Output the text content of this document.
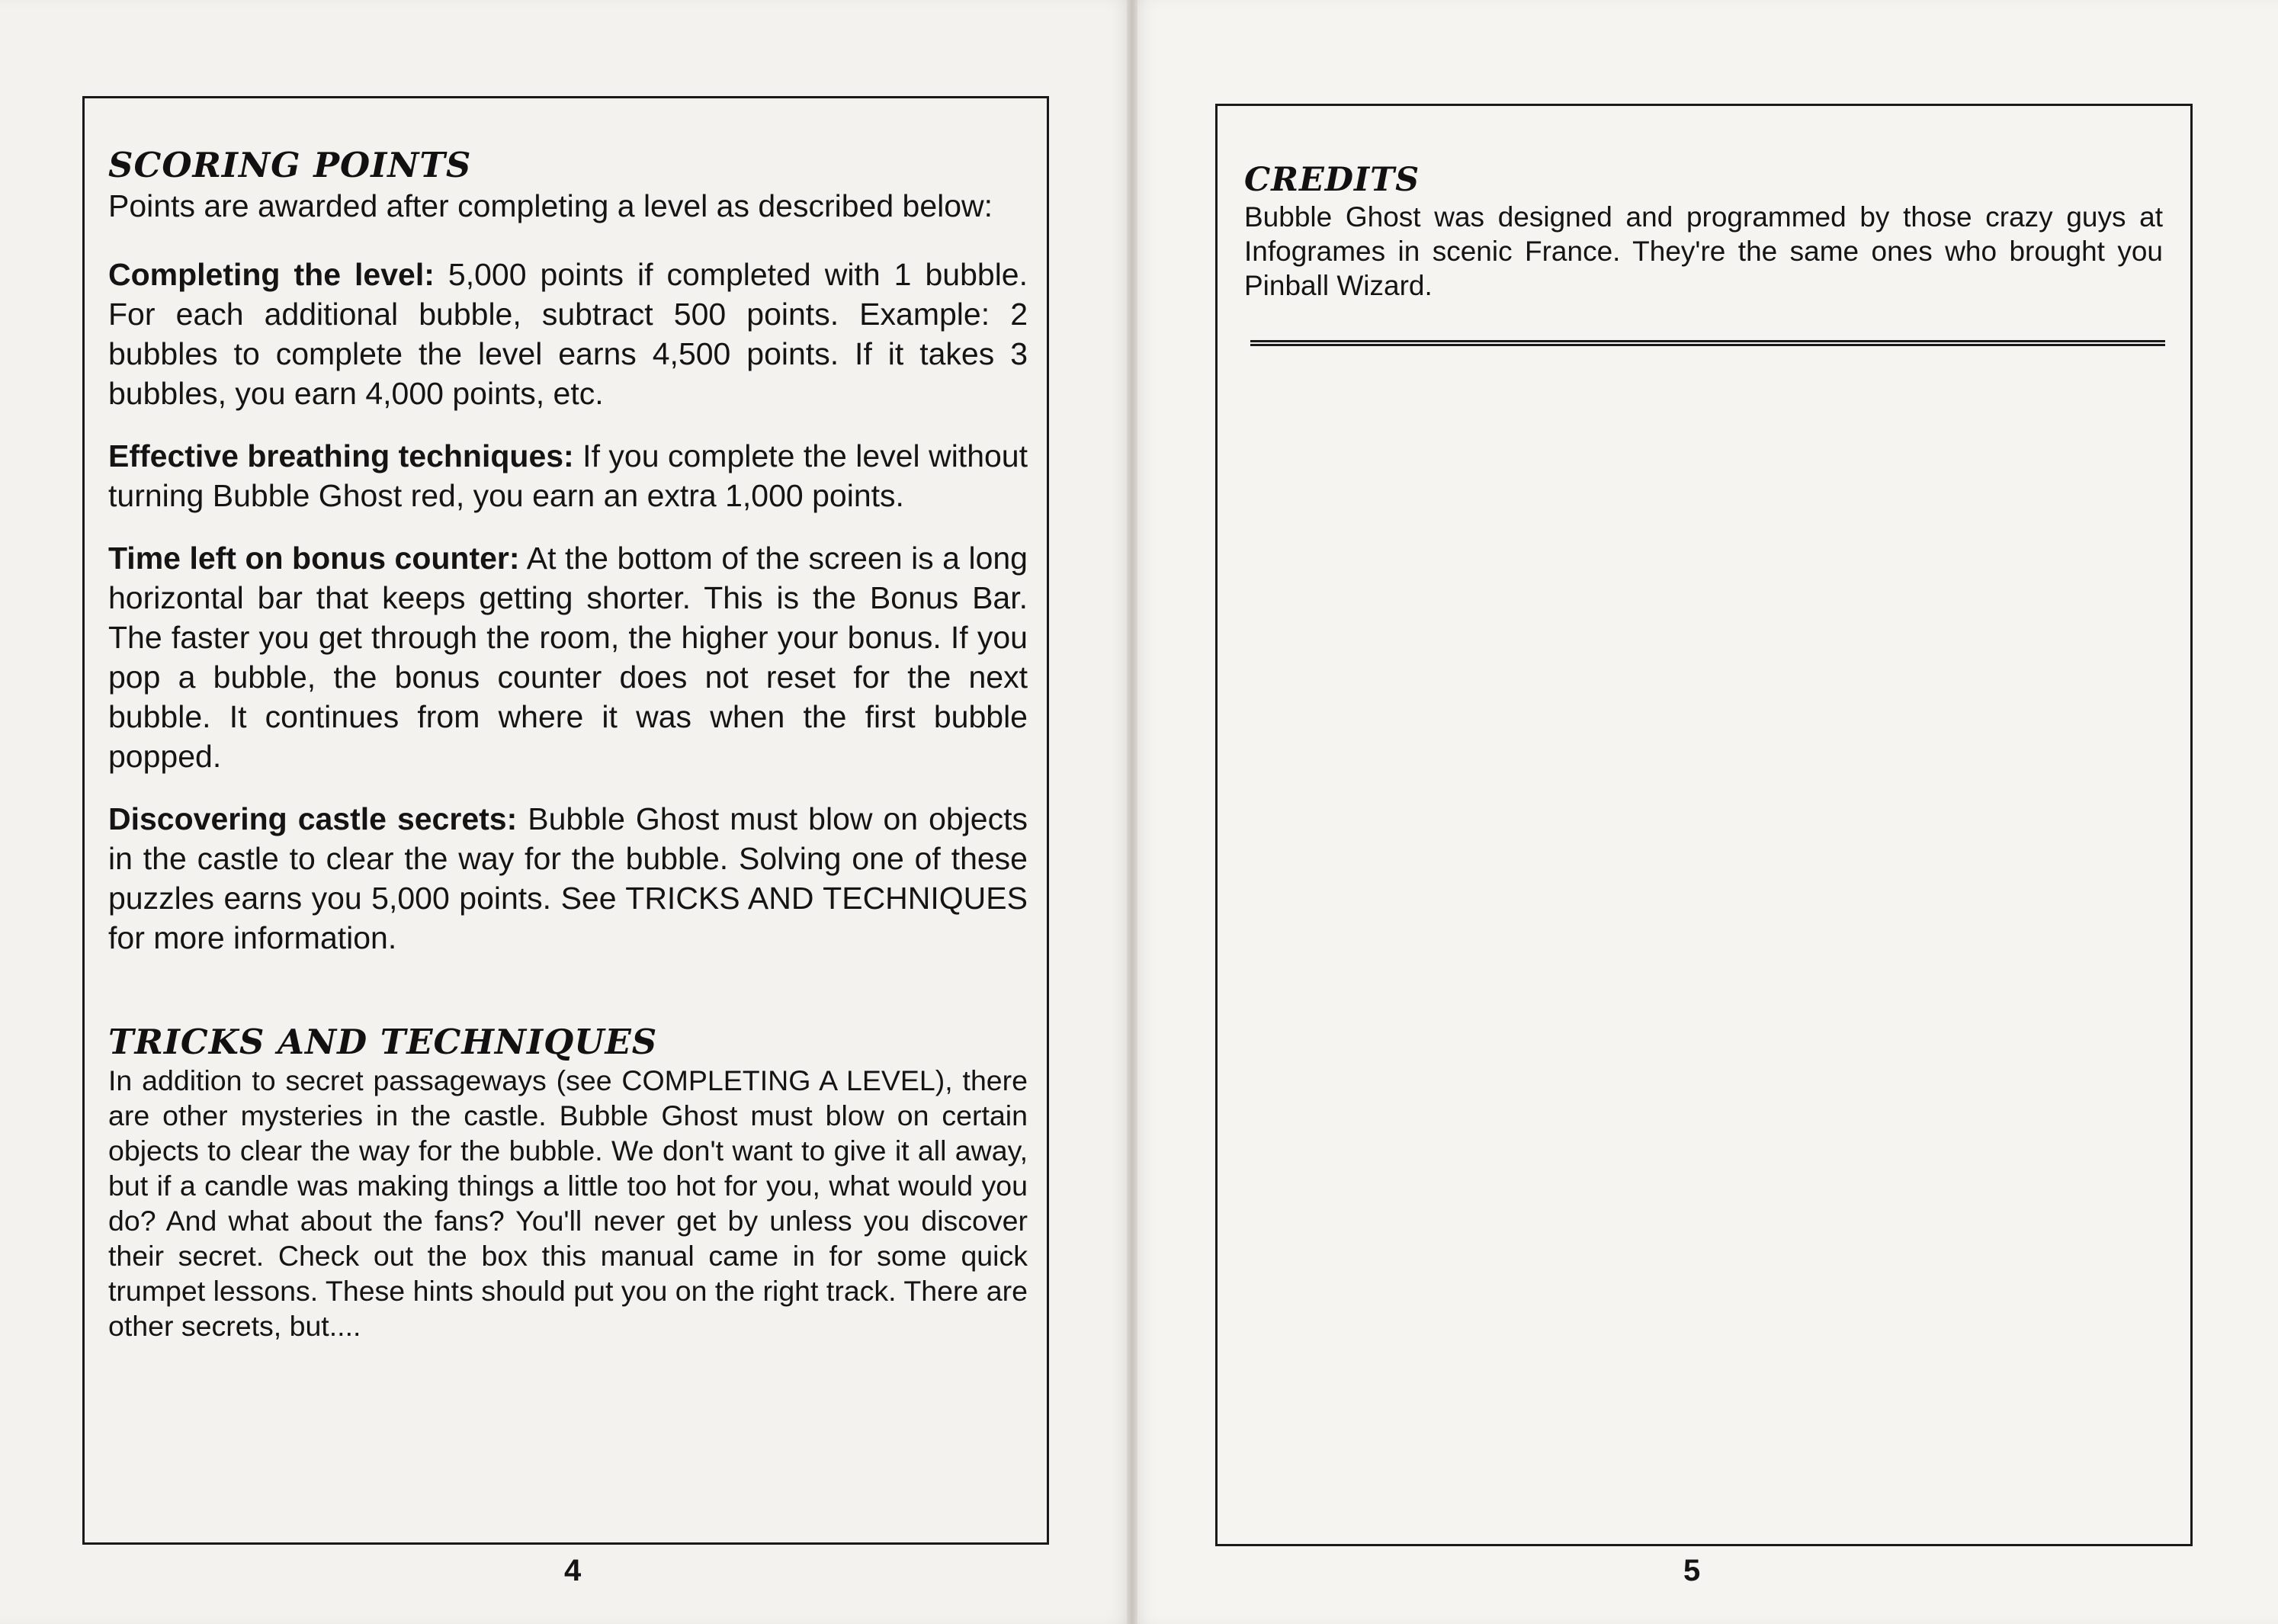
SCORING POINTS

Points are awarded after completing a level as described below:

Completing the level: 5,000 points if completed with 1 bubble. For each additional bubble, subtract 500 points. Example: 2 bubbles to complete the level earns 4,500 points. If it takes 3 bubbles, you earn 4,000 points, etc.

Effective breathing techniques: If you complete the level without turning Bubble Ghost red, you earn an extra 1,000 points.

Time left on bonus counter: At the bottom of the screen is a long horizontal bar that keeps getting shorter. This is the Bonus Bar. The faster you get through the room, the higher your bonus. If you pop a bubble, the bonus counter does not reset for the next bubble. It continues from where it was when the first bubble popped.

Discovering castle secrets: Bubble Ghost must blow on objects in the castle to clear the way for the bubble. Solving one of these puzzles earns you 5,000 points. See TRICKS AND TECHNIQUES for more information.

TRICKS AND TECHNIQUES

In addition to secret passageways (see COMPLETING A LEVEL), there are other mysteries in the castle. Bubble Ghost must blow on certain objects to clear the way for the bubble. We don't want to give it all away, but if a candle was making things a little too hot for you, what would you do? And what about the fans? You'll never get by unless you discover their secret. Check out the box this manual came in for some quick trumpet lessons. These hints should put you on the right track. There are other secrets, but....

CREDITS

Bubble Ghost was designed and programmed by those crazy guys at Infogrames in scenic France. They're the same ones who brought you Pinball Wizard.

4	5
